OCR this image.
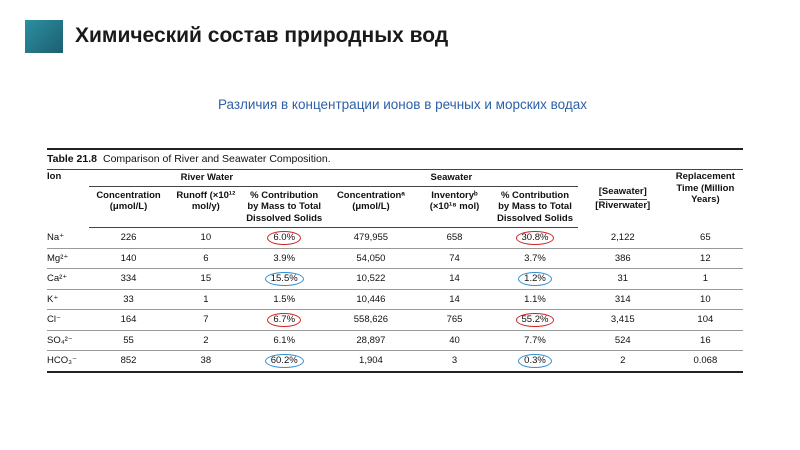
Химический состав природных вод
Различия в концентрации ионов в речных и морских водах
Table 21.8 Comparison of River and Seawater Composition.
Ion	River Water			Seawater			[Seawater]
[Riverwater]	Replacement Time (Million Years)
	Concentration (μmol/L)	Runoff (×10¹² mol/y)	% Contribution by Mass to Total Dissolved Solids	Concentrationᵃ (μmol/L)	Inventoryᵇ (×10¹⁸ mol)	% Contribution by Mass to Total Dissolved Solids		
Na⁺	226	10	6.0%	479,955	658	30.8%	2,122	65
Mg²⁺	140	6	3.9%	54,050	74	3.7%	386	12
Ca²⁺	334	15	15.5%	10,522	14	1.2%	31	1
K⁺	33	1	1.5%	10,446	14	1.1%	314	10
Cl⁻	164	7	6.7%	558,626	765	55.2%	3,415	104
SO₄²⁻	55	2	6.1%	28,897	40	7.7%	524	16
HCO₃⁻	852	38	60.2%	1,904	3	0.3%	2	0.068
